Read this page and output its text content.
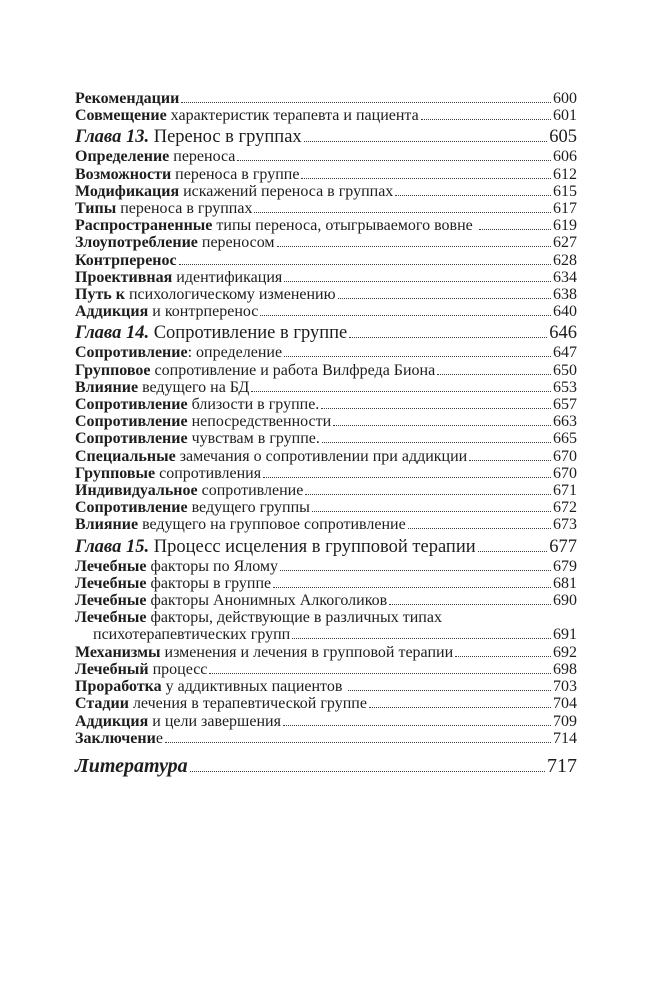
Рекомендации	600
Совмещение характеристик терапевта и пациента	601
Глава 13. Перенос в группах	605
Определение переноса	606
Возможности переноса в группе	612
Модификация искажений переноса в группах	615
Типы переноса в группах	617
Распространенные типы переноса, отыгрываемого вовне	619
Злоупотребление переносом	627
Контрперенос	628
Проективная идентификация	634
Путь к психологическому изменению	638
Аддикция и контрперенос	640
Глава 14. Сопротивление в группе	646
Сопротивление : определение	647
Групповое сопротивление и работа Вилфреда Биона	650
Влияние ведущего на БД	653
Сопротивление близости в группе.	657
Сопротивление непосредственности	663
Сопротивление чувствам в группе.	665
Специальные замечания о сопротивлении при аддикции	670
Групповые сопротивления	670
Индивидуальное сопротивление	671
Сопротивление ведущего группы	672
Влияние ведущего на групповое сопротивление	673
Глава 15. Процесс исцеления в групповой терапии	677
Лечебные факторы по Ялому	679
Лечебные факторы в группе	681
Лечебные факторы Анонимных Алкоголиков	690
Лечебные факторы, действующие в различных типах
психотерапевтических групп	691
Механизмы изменения и лечения в групповой терапии	692
Лечебный процесс	698
Проработка у аддиктивных пациентов	703
Стадии лечения в терапевтической группе	704
Аддикция и цели завершения	709
Заключени е	714
Литература	717
